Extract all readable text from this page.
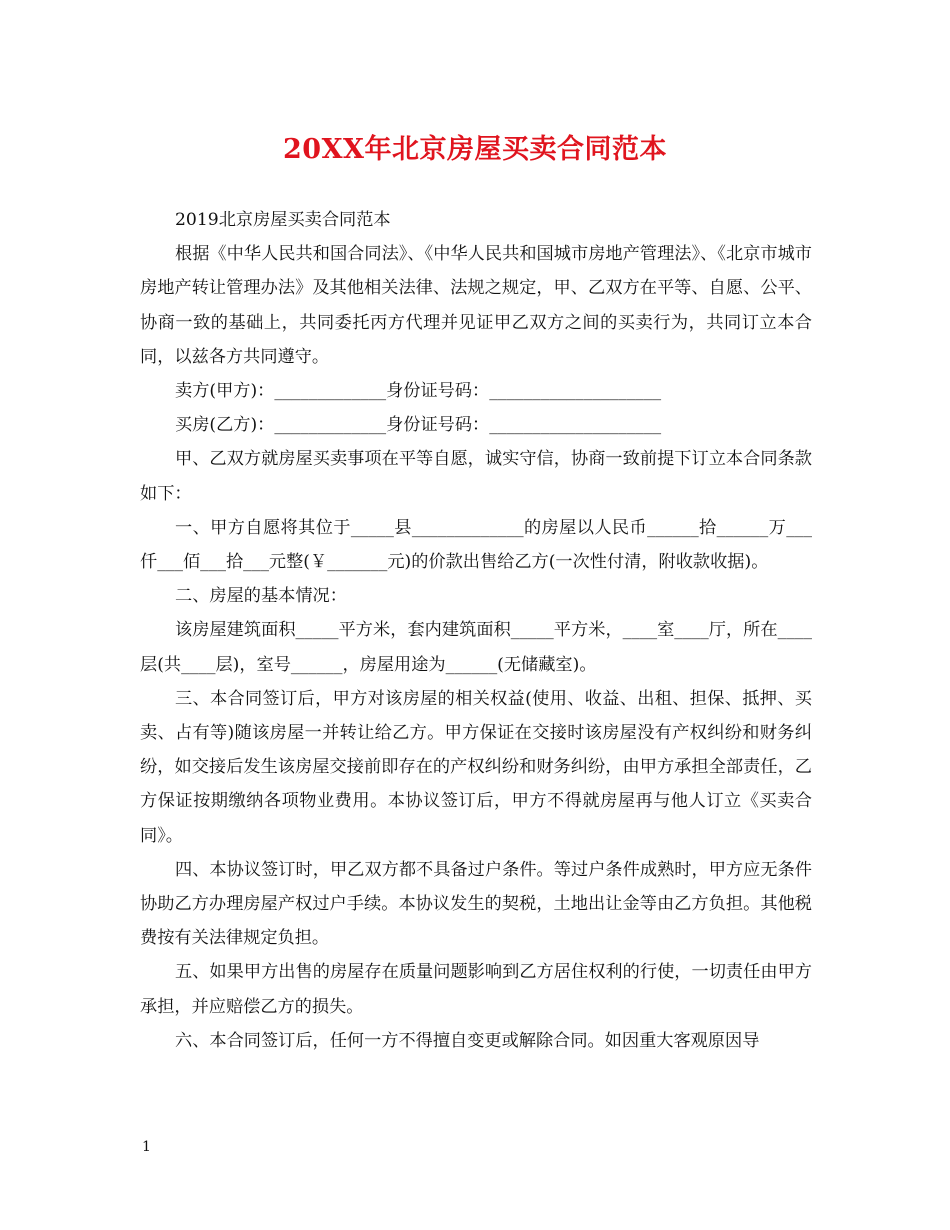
20XX年北京房屋买卖合同范本

2019北京房屋买卖合同范本

根据《中华人民共和国合同法》、《中华人民共和国城市房地产管理法》、《北京市城市房地产转让管理办法》及其他相关法律、法规之规定，甲、乙双方在平等、自愿、公平、协商一致的基础上，共同委托丙方代理并见证甲乙双方之间的买卖行为，共同订立本合同，以兹各方共同遵守。

卖方(甲方)：_____________身份证号码：____________________

买房(乙方)：_____________身份证号码：____________________

甲、乙双方就房屋买卖事项在平等自愿，诚实守信，协商一致前提下订立本合同条款如下：

一、甲方自愿将其位于_____县_____________的房屋以人民币______拾______万___仟___佰___拾___元整(￥_______元)的价款出售给乙方(一次性付清，附收款收据)。

二、房屋的基本情况：

该房屋建筑面积_____平方米，套内建筑面积_____平方米，____室____厅，所在____层(共____层)，室号______，房屋用途为______(无储藏室)。

三、本合同签订后，甲方对该房屋的相关权益(使用、收益、出租、担保、抵押、买卖、占有等)随该房屋一并转让给乙方。甲方保证在交接时该房屋没有产权纠纷和财务纠纷，如交接后发生该房屋交接前即存在的产权纠纷和财务纠纷，由甲方承担全部责任，乙方保证按期缴纳各项物业费用。本协议签订后，甲方不得就房屋再与他人订立《买卖合同》。

四、本协议签订时，甲乙双方都不具备过户条件。等过户条件成熟时，甲方应无条件协助乙方办理房屋产权过户手续。本协议发生的契税，土地出让金等由乙方负担。其他税费按有关法律规定负担。

五、如果甲方出售的房屋存在质量问题影响到乙方居住权利的行使，一切责任由甲方承担，并应赔偿乙方的损失。

六、本合同签订后，任何一方不得擅自变更或解除合同。如因重大客观原因导

1
